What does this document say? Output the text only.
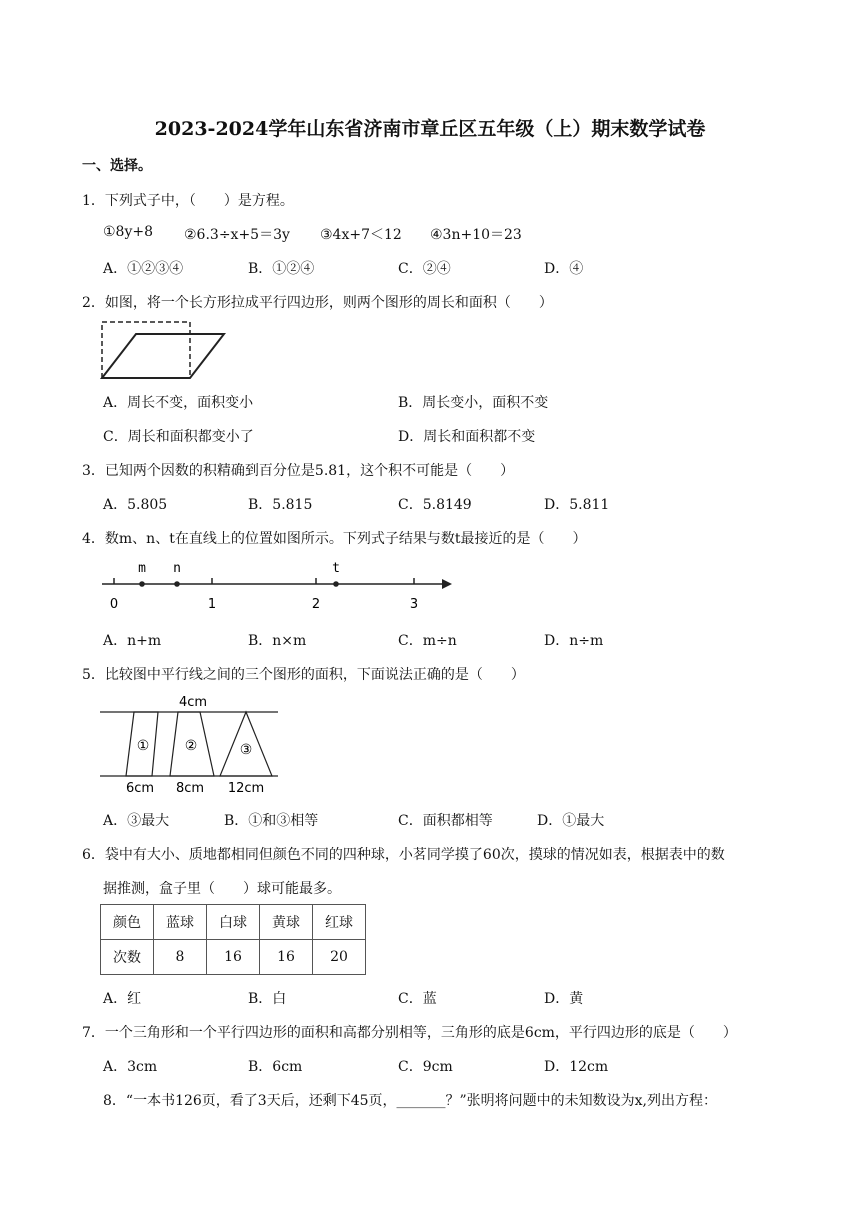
2023-2024学年山东省济南市章丘区五年级（上）期末数学试卷
一、选择。
1．下列式子中，（　　）是方程。
①8y+8 ②6.3÷x+5＝3y ③4x+7＜12 ④3n+10＝23
A．①②③④	B．①②④	C．②④	D．④
2．如图，将一个长方形拉成平行四边形，则两个图形的周长和面积（　　）
A．周长不变，面积变小	B．周长变小，面积不变
C．周长和面积都变小了	D．周长和面积都不变
3．已知两个因数的积精确到百分位是5.81，这个积不可能是（　　）
A．5.805	B．5.815	C．5.8149	D．5.811
4．数m、n、t在直线上的位置如图所示。下列式子结果与数t最接近的是（　　）
m n	t
0	1	2	3
A．n+m	B．n×m	C．m÷n	D．n÷m
5．比较图中平行线之间的三个图形的面积，下面说法正确的是（　　）
4cm
①	②	③
6cm 8cm 12cm
A．③最大	B．①和③相等	C．面积都相等	D．①最大
6．袋中有大小、质地都相同但颜色不同的四种球，小茗同学摸了60次，摸球的情况如表，根据表中的数
据推测，盒子里（　　）球可能最多。
颜色	蓝球	白球	黄球	红球
次数	8	16	16	20
A．红	B．白	C．蓝	D．黄
7．一个三角形和一个平行四边形的面积和高都分别相等，三角形的底是6cm，平行四边形的底是（　　）
A．3cm	B．6cm	C．9cm	D．12cm
8．“一本书126页，看了3天后，还剩下45页，_______？”张明将问题中的未知数设为x,列出方程：
